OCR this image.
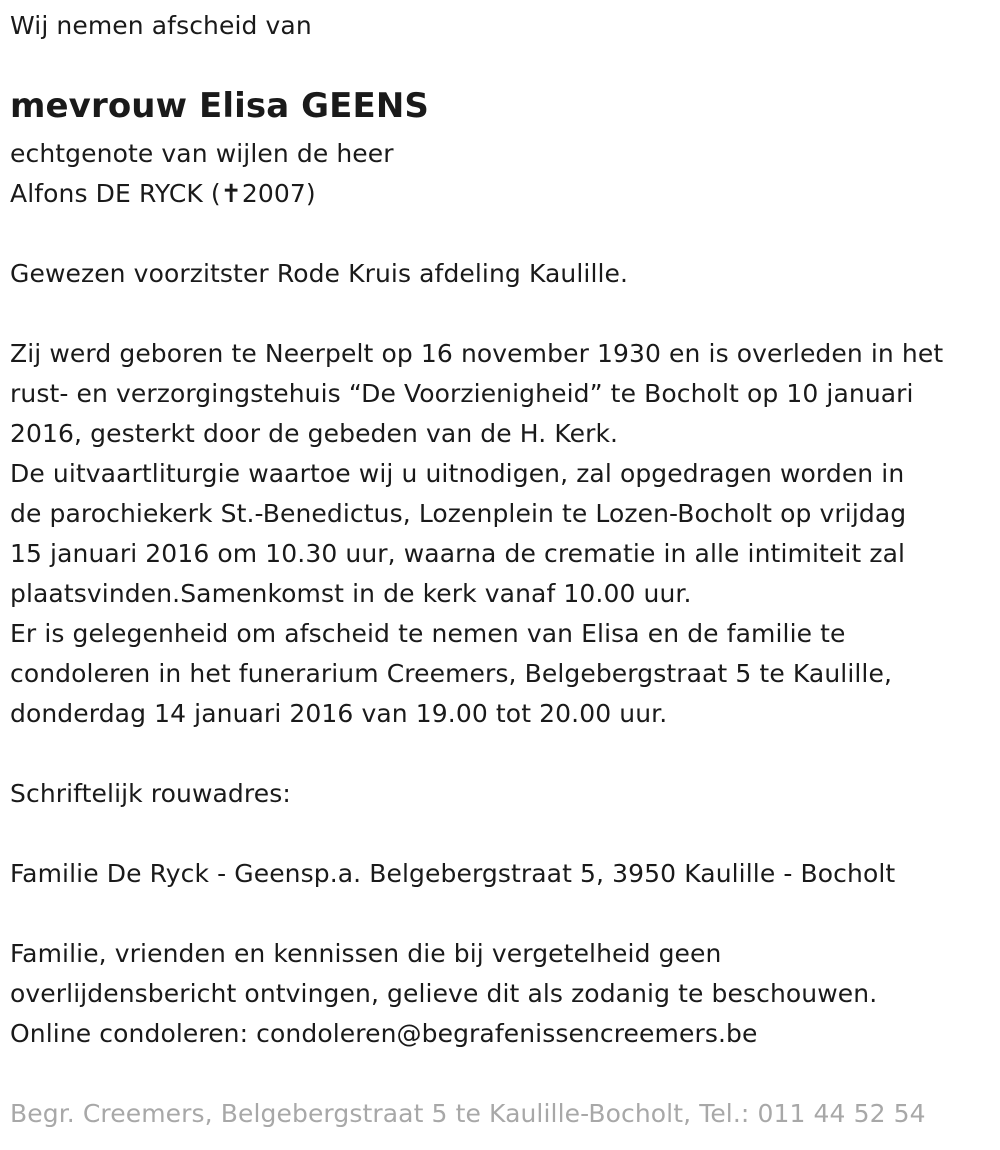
Wij nemen afscheid van
mevrouw Elisa GEENS
echtgenote van wijlen de heer
Alfons DE RYCK (✝2007)
Gewezen voorzitster Rode Kruis afdeling Kaulille.
Zij werd geboren te Neerpelt op 16 november 1930 en is overleden in het
rust- en verzorgingstehuis “De Voorzienigheid” te Bocholt op 10 januari
2016, gesterkt door de gebeden van de H. Kerk.
De uitvaartliturgie waartoe wij u uitnodigen, zal opgedragen worden in
de parochiekerk St.-Benedictus, Lozenplein te Lozen-Bocholt op vrijdag
15 januari 2016 om 10.30 uur, waarna de crematie in alle intimiteit zal
plaatsvinden.Samenkomst in de kerk vanaf 10.00 uur.
Er is gelegenheid om afscheid te nemen van Elisa en de familie te
condoleren in het funerarium Creemers, Belgebergstraat 5 te Kaulille,
donderdag 14 januari 2016 van 19.00 tot 20.00 uur.
Schriftelijk rouwadres:
Familie De Ryck - Geensp.a. Belgebergstraat 5, 3950 Kaulille - Bocholt
Familie, vrienden en kennissen die bij vergetelheid geen
overlijdensbericht ontvingen, gelieve dit als zodanig te beschouwen.
Online condoleren: condoleren@begrafenissencreemers.be
Begr. Creemers, Belgebergstraat 5 te Kaulille-Bocholt, Tel.: 011 44 52 54
